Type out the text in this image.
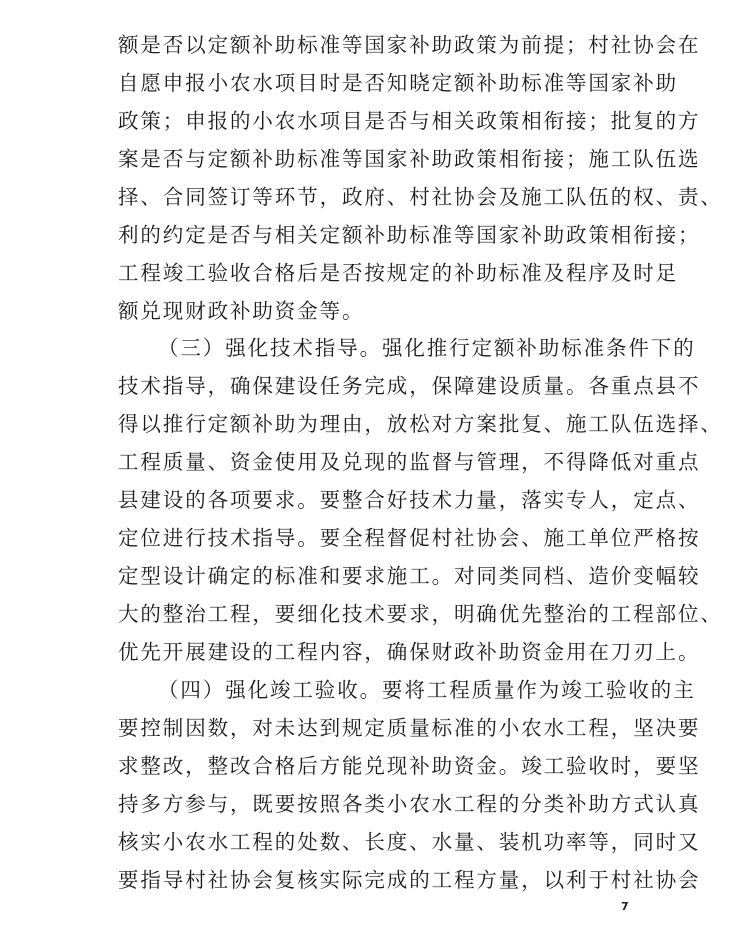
额是否以定额补助标准等国家补助政策为前提；村社协会在
自愿申报小农水项目时是否知晓定额补助标准等国家补助
政策；申报的小农水项目是否与相关政策相衔接；批复的方
案是否与定额补助标准等国家补助政策相衔接；施工队伍选
择、合同签订等环节，政府、村社协会及施工队伍的权、责、
利的约定是否与相关定额补助标准等国家补助政策相衔接；
工程竣工验收合格后是否按规定的补助标准及程序及时足
额兑现财政补助资金等。
（三）强化技术指导。强化推行定额补助标准条件下的
技术指导，确保建设任务完成，保障建设质量。各重点县不
得以推行定额补助为理由，放松对方案批复、施工队伍选择、
工程质量、资金使用及兑现的监督与管理，不得降低对重点
县建设的各项要求。要整合好技术力量，落实专人，定点、
定位进行技术指导。要全程督促村社协会、施工单位严格按
定型设计确定的标准和要求施工。对同类同档、造价变幅较
大的整治工程，要细化技术要求，明确优先整治的工程部位、
优先开展建设的工程内容，确保财政补助资金用在刀刃上。
（四）强化竣工验收。要将工程质量作为竣工验收的主
要控制因数，对未达到规定质量标准的小农水工程，坚决要
求整改，整改合格后方能兑现补助资金。竣工验收时，要坚
持多方参与，既要按照各类小农水工程的分类补助方式认真
核实小农水工程的处数、长度、水量、装机功率等，同时又
要指导村社协会复核实际完成的工程方量，以利于村社协会
7
